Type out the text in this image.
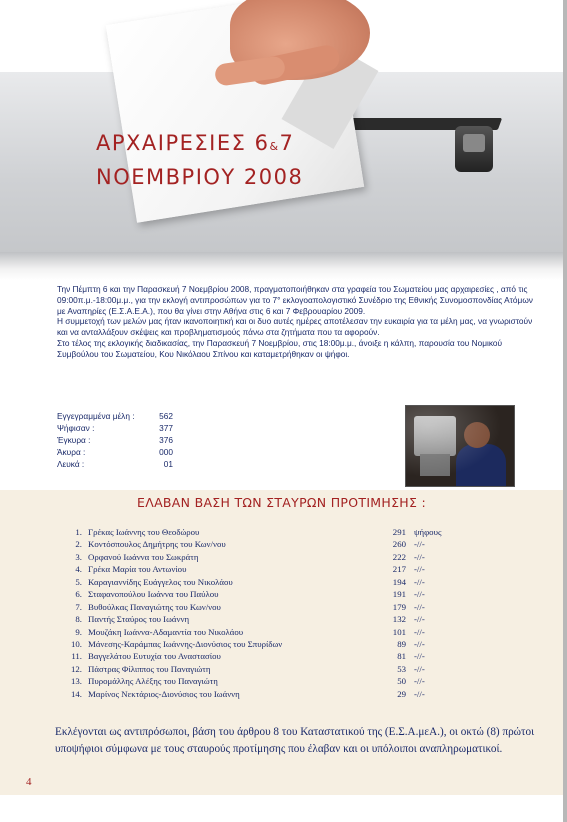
ΑΡΧΑΙΡΕΣΙΕΣ 6&7
ΝΟΕΜΒΡΙΟΥ 2008

Την Πέμπτη 6 και την Παρασκευή 7 Νοεμβρίου 2008, πραγματοποιήθηκαν στα γραφεία του Σωματείου μας αρχαιρεσίες , από τις 09:00π.μ.-18:00μ.μ., για την εκλογή αντιπροσώπων για το 7° εκλογοαπολογιστικό Συνέδριο της Εθνικής Συνομοσπονδίας Ατόμων με Αναπηρίες (Ε.Σ.Α.Ε.Α.), που θα γίνει στην Αθήνα στις 6 και 7 Φεβρουαρίου 2009.

Η συμμετοχή των μελών μας ήταν ικανοποιητική και οι δυο αυτές ημέρες αποτέλεσαν την ευκαιρία για τα μέλη μας, να γνωριστούν και να ανταλλάξουν σκέψεις και προβληματισμούς πάνω στα ζητήματα που τα αφορούν.

Στο τέλος της εκλογικής διαδικασίας, την Παρασκευή 7 Νοεμβρίου, στις 18:00μ.μ., άνοιξε η κάλπη, παρουσία του Νομικού Συμβούλου του Σωματείου, Κου Νικόλαου Σπίνου και καταμετρήθηκαν οι ψήφοι.

Εγγεγραμμένα μέλη :	562
Ψήφισαν :	377
Έγκυρα :	376
Άκυρα :	000
Λευκά :	01
ΕΛΑΒΑΝ ΒΑΣΗ ΤΩΝ ΣΤΑΥΡΩΝ ΠΡΟΤΙΜΗΣΗΣ :
1. Γρέκας Ιωάννης του Θεοδώρου	291 ψήφους
2. Κοντόσπουλος Δημήτρης του Κων/νου	260 -//-
3. Ορφανού Ιωάννα του Σωκράτη	222 -//-
4. Γρέκα Μαρία του Αντωνίου	217 -//-
5. Καραγιαννίδης Ευάγγελος του Νικολάου	194 -//-
6. Σταφανοπούλου Ιωάννα του Παύλου	191 -//-
7. Βυθούλκας Παναγιώτης του Κων/νου	179 -//-
8. Παντής Σταύρος του Ιωάννη	132 -//-
9. Μουζάκη Ιωάννα-Αδαμαντία του Νικολάου	101 -//-
10. Μάνεσης-Καράμπας Ιωάννης-Διονύσιος του Σπυρίδων	89 -//-
11. Βαγγελάτου Ευτυχία του Αναστασίου	81 -//-
12. Πάστρας Φίλιππος του Παναγιώτη	53 -//-
13. Πυρομάλλης Αλέξης του Παναγιώτη	50 -//-
14. Μαρίνος Νεκτάριος-Διονύσιος του Ιωάννη	29 -//-
Εκλέγονται ως αντιπρόσωποι, βάση του άρθρου 8 του Καταστατικού της (Ε.Σ.Α.μεΑ.), οι οκτώ (8) πρώτοι υποψήφιοι σύμφωνα με τους σταυρούς προτίμησης που έλαβαν και οι υπόλοιποι αναπληρωματικοί.
4
